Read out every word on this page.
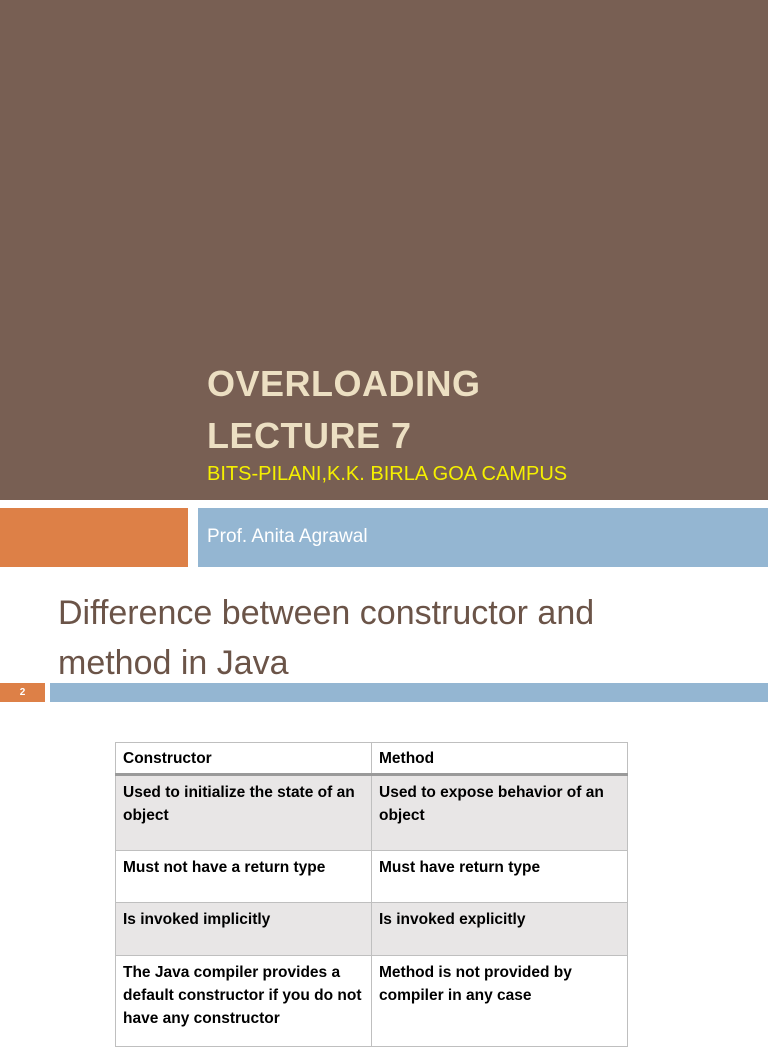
OVERLOADING
LECTURE 7
BITS-PILANI,K.K. BIRLA GOA CAMPUS
Prof. Anita Agrawal
Difference between constructor and
method in Java
2
Constructor	Method
Used to initialize the state of an object	Used to expose behavior of an object
Must not have a return type	Must have return type
Is invoked implicitly	Is invoked explicitly
The Java compiler provides a default constructor if you do not have any constructor	Method is not provided by compiler in any case
